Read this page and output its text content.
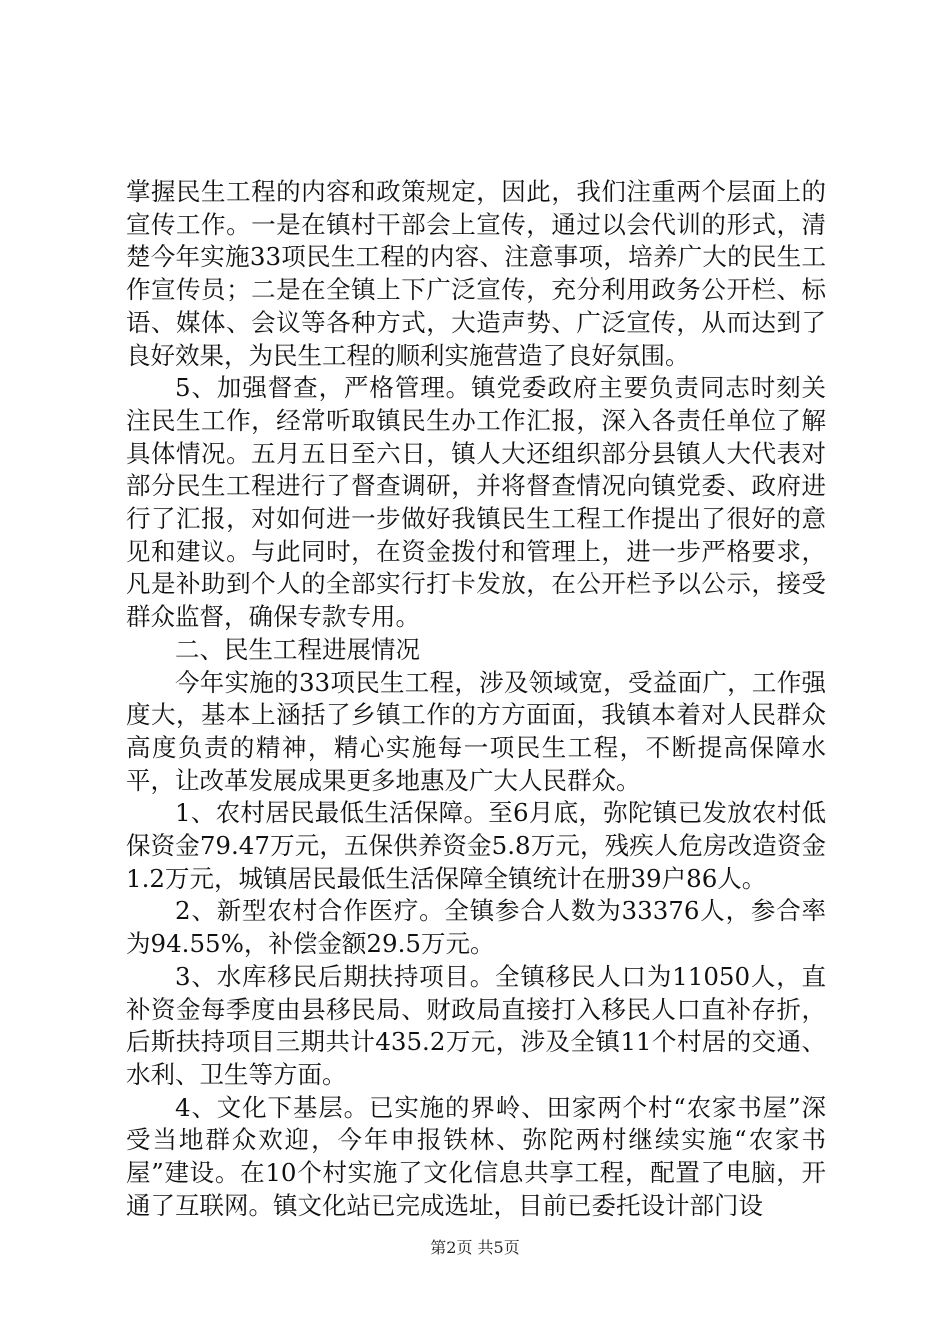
掌握民生工程的内容和政策规定，因此，我们注重两个层面上的宣传工作。一是在镇村干部会上宣传，通过以会代训的形式，清楚今年实施33项民生工程的内容、注意事项，培养广大的民生工作宣传员；二是在全镇上下广泛宣传，充分利用政务公开栏、标语、媒体、会议等各种方式，大造声势、广泛宣传，从而达到了良好效果，为民生工程的顺利实施营造了良好氛围。

5、加强督查，严格管理。镇党委政府主要负责同志时刻关注民生工作，经常听取镇民生办工作汇报，深入各责任单位了解具体情况。五月五日至六日，镇人大还组织部分县镇人大代表对部分民生工程进行了督查调研，并将督查情况向镇党委、政府进行了汇报，对如何进一步做好我镇民生工程工作提出了很好的意见和建议。与此同时，在资金拨付和管理上，进一步严格要求，凡是补助到个人的全部实行打卡发放，在公开栏予以公示，接受群众监督，确保专款专用。

二、民生工程进展情况

今年实施的33项民生工程，涉及领域宽，受益面广，工作强度大，基本上涵括了乡镇工作的方方面面，我镇本着对人民群众高度负责的精神，精心实施每一项民生工程，不断提高保障水平，让改革发展成果更多地惠及广大人民群众。

1、农村居民最低生活保障。至6月底，弥陀镇已发放农村低保资金79.47万元，五保供养资金5.8万元，残疾人危房改造资金1.2万元，城镇居民最低生活保障全镇统计在册39户86人。

2、新型农村合作医疗。全镇参合人数为33376人，参合率为94.55%，补偿金额29.5万元。

3、水库移民后期扶持项目。全镇移民人口为11050人，直补资金每季度由县移民局、财政局直接打入移民人口直补存折，后斯扶持项目三期共计435.2万元，涉及全镇11个村居的交通、水利、卫生等方面。

4、文化下基层。已实施的界岭、田家两个村“农家书屋”深受当地群众欢迎，今年申报铁林、弥陀两村继续实施“农家书屋”建设。在10个村实施了文化信息共享工程，配置了电脑，开通了互联网。镇文化站已完成选址，目前已委托设计部门设

第2页 共5页
